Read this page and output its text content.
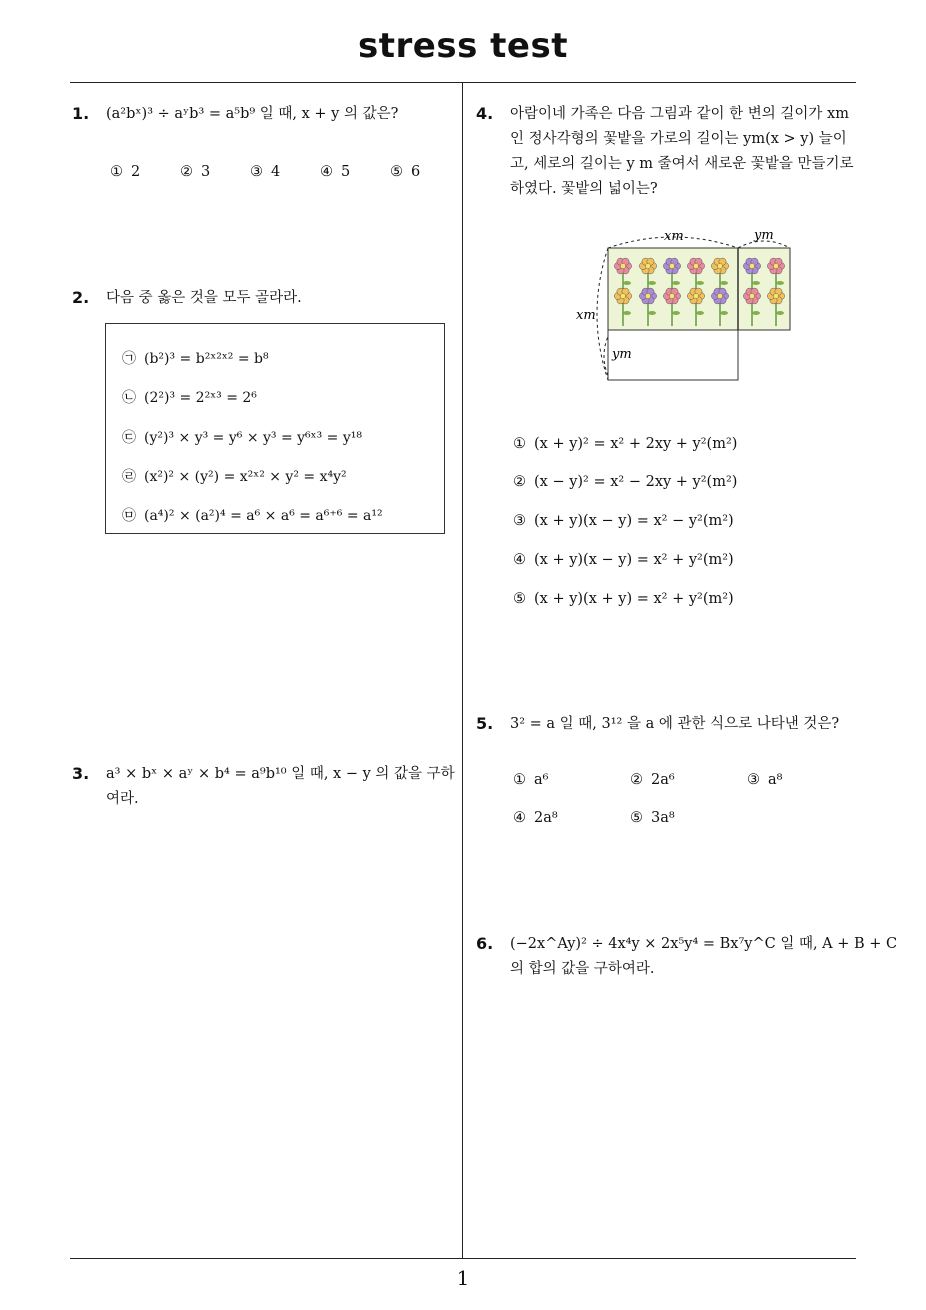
stress test
1. (a²bˣ)³ ÷ aʸb³ = a⁵b⁹ 일 때, x + y 의 값은?
① 2	② 3	③ 4	④ 5	⑤ 6
2. 다음 중 옳은 것을 모두 골라라.
㉠ (b²)³ = b²ˣ²ˣ² = b⁸
㉡ (2²)³ = 2²ˣ³ = 2⁶
㉢ (y²)³ × y³ = y⁶ × y³ = y⁶ˣ³ = y¹⁸
㉣ (x²)² × (y²) = x²ˣ² × y² = x⁴y²
㉤ (a⁴)² × (a²)⁴ = a⁶ × a⁶ = a⁶⁺⁶ = a¹²
3. a³ × bˣ × aʸ × b⁴ = a⁹b¹⁰ 일 때, x − y 의 값을 구하
여라.
4. 아람이네 가족은 다음 그림과 같이 한 변의 길이가 xm
인 정사각형의 꽃밭을 가로의 길이는 ym(x > y) 늘이
고, 세로의 길이는 y m 줄여서 새로운 꽃밭을 만들기로
하였다. 꽃밭의 넓이는?
xm	ym
xm
ym
① (x + y)² = x² + 2xy + y²(m²)
② (x − y)² = x² − 2xy + y²(m²)
③ (x + y)(x − y) = x² − y²(m²)
④ (x + y)(x − y) = x² + y²(m²)
⑤ (x + y)(x + y) = x² + y²(m²)
5. 3² = a 일 때, 3¹² 을 a 에 관한 식으로 나타낸 것은?
① a⁶	② 2a⁶	③ a⁸
④ 2a⁸	⑤ 3a⁸
6. (−2x^Ay)² ÷ 4x⁴y × 2x⁵y⁴ = Bx⁷y^C 일 때, A + B + C
의 합의 값을 구하여라.
1
